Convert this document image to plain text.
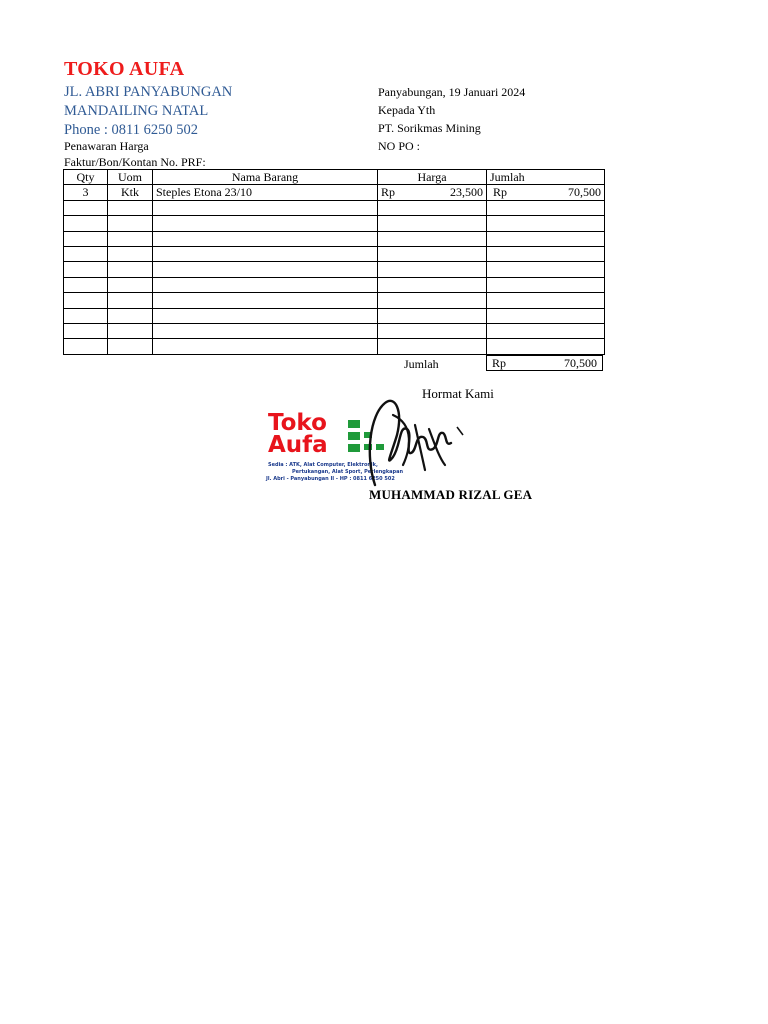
TOKO AUFA
JL. ABRI PANYABUNGAN
MANDAILING NATAL
Phone : 0811 6250 502
Penawaran Harga
Faktur/Bon/Kontan No. PRF:
Panyabungan, 19 Januari 2024
Kepada Yth
PT. Sorikmas Mining
NO PO :
Qty	Uom	Nama Barang	Harga	Jumlah
3	Ktk	Steples Etona 23/10	Rp 23,500	Rp 70,500

Jumlah	Rp	70,500
Hormat Kami
Toko
Aufa
Sedia : ATK, Alat Computer, Elektronik,
Pertukangan, Alat Sport, Perlengkapan
Jl. Abri - Panyabungan II - HP : 0811 6250 502
MUHAMMAD RIZAL GEA
